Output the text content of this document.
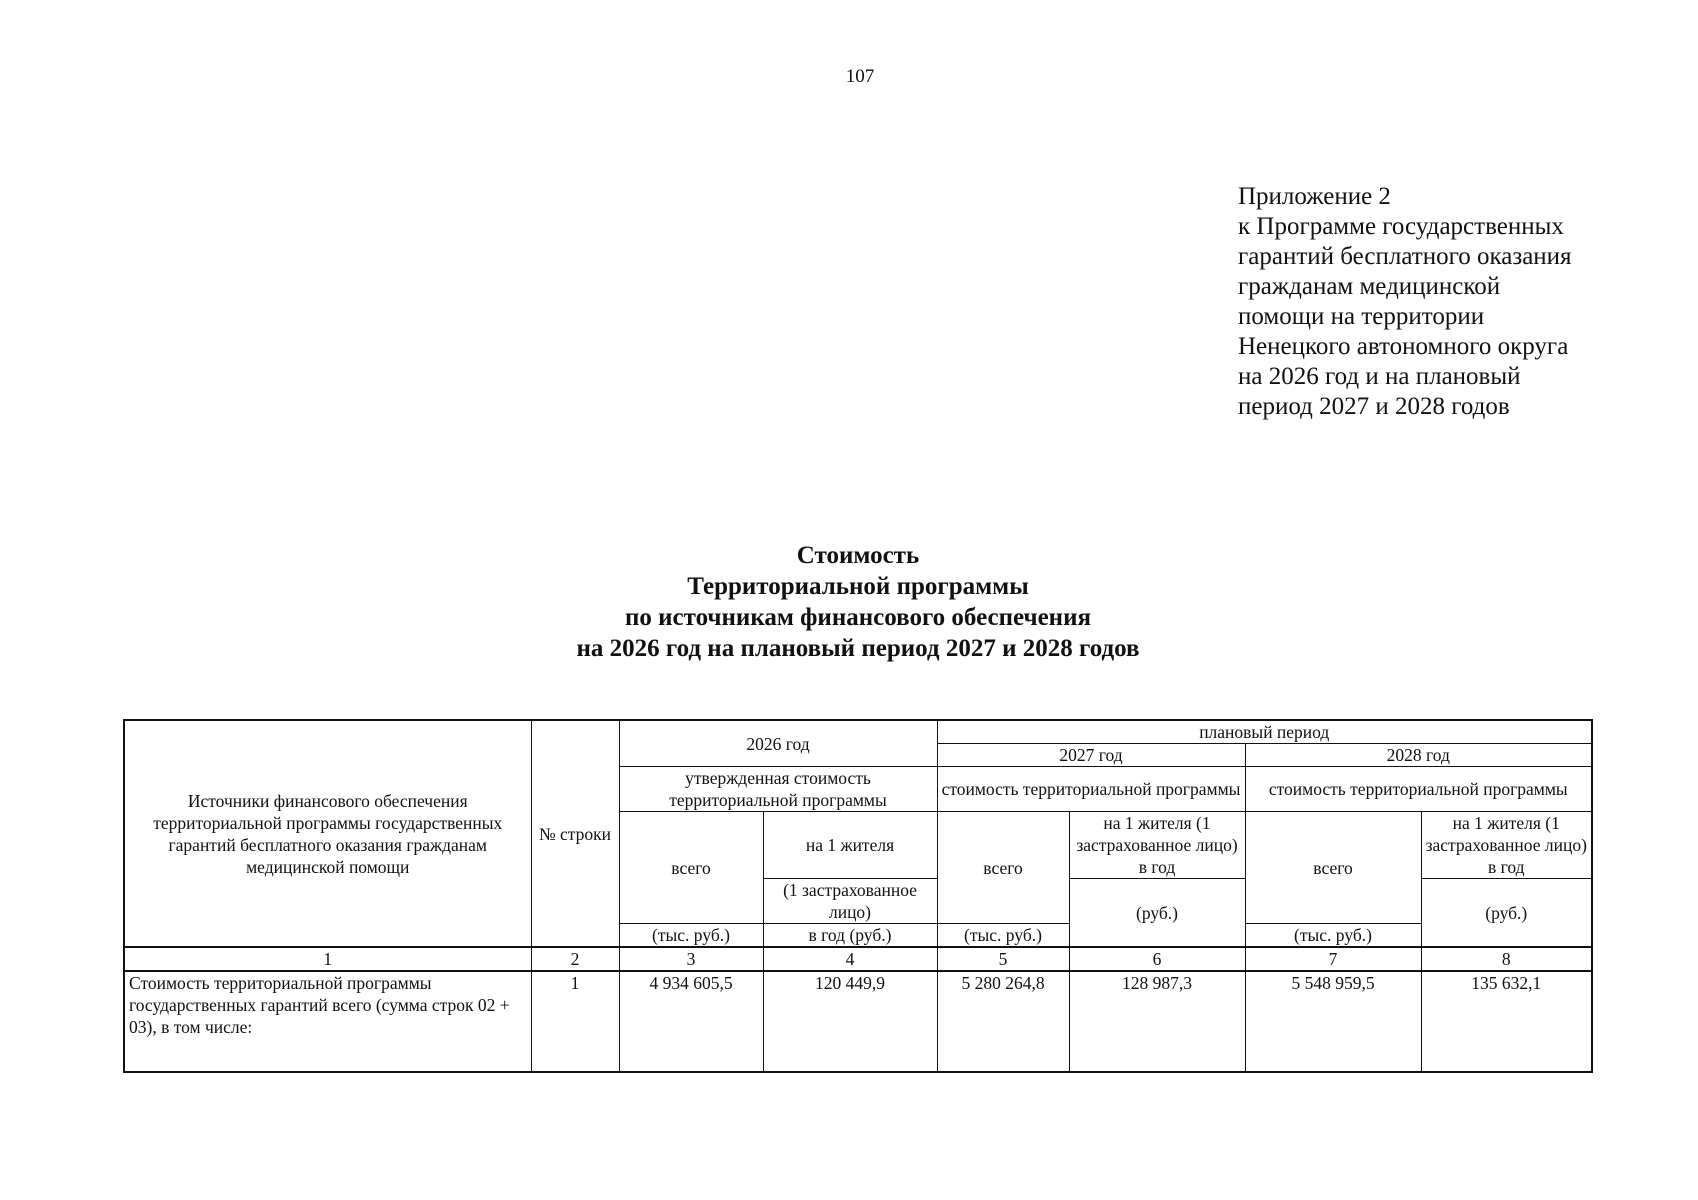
107
Приложение 2
к Программе государственных
гарантий бесплатного оказания
гражданам медицинской
помощи на территории
Ненецкого автономного округа
на 2026 год и на плановый
период 2027 и 2028 годов
Стоимость
Территориальной программы
по источникам финансового обеспечения
на 2026 год на плановый период 2027 и 2028 годов
Источники финансового обеспечения территориальной программы государственных гарантий бесплатного оказания гражданам медицинской помощи	№ строки	2026 год		плановый период			
				2027 год		2028 год	
		утвержденная стоимость территориальной программы		стоимость территориальной программы		стоимость территориальной программы	

		всего	на 1 жителя	всего	на 1 жителя (1 застрахованное лицо) в год	всего	на 1 жителя (1 застрахованное лицо) в год

			(1 застрахованное лицо)		(руб.)		(руб.)

		(тыс. руб.)	в год (руб.)	(тыс. руб.)		(тыс. руб.)	
1	2	3	4	5	6	7	8
Стоимость территориальной программы государственных гарантий всего (сумма строк 02 + 03), в том числе:	1	4 934 605,5	120 449,9	5 280 264,8	128 987,3	5 548 959,5	135 632,1
